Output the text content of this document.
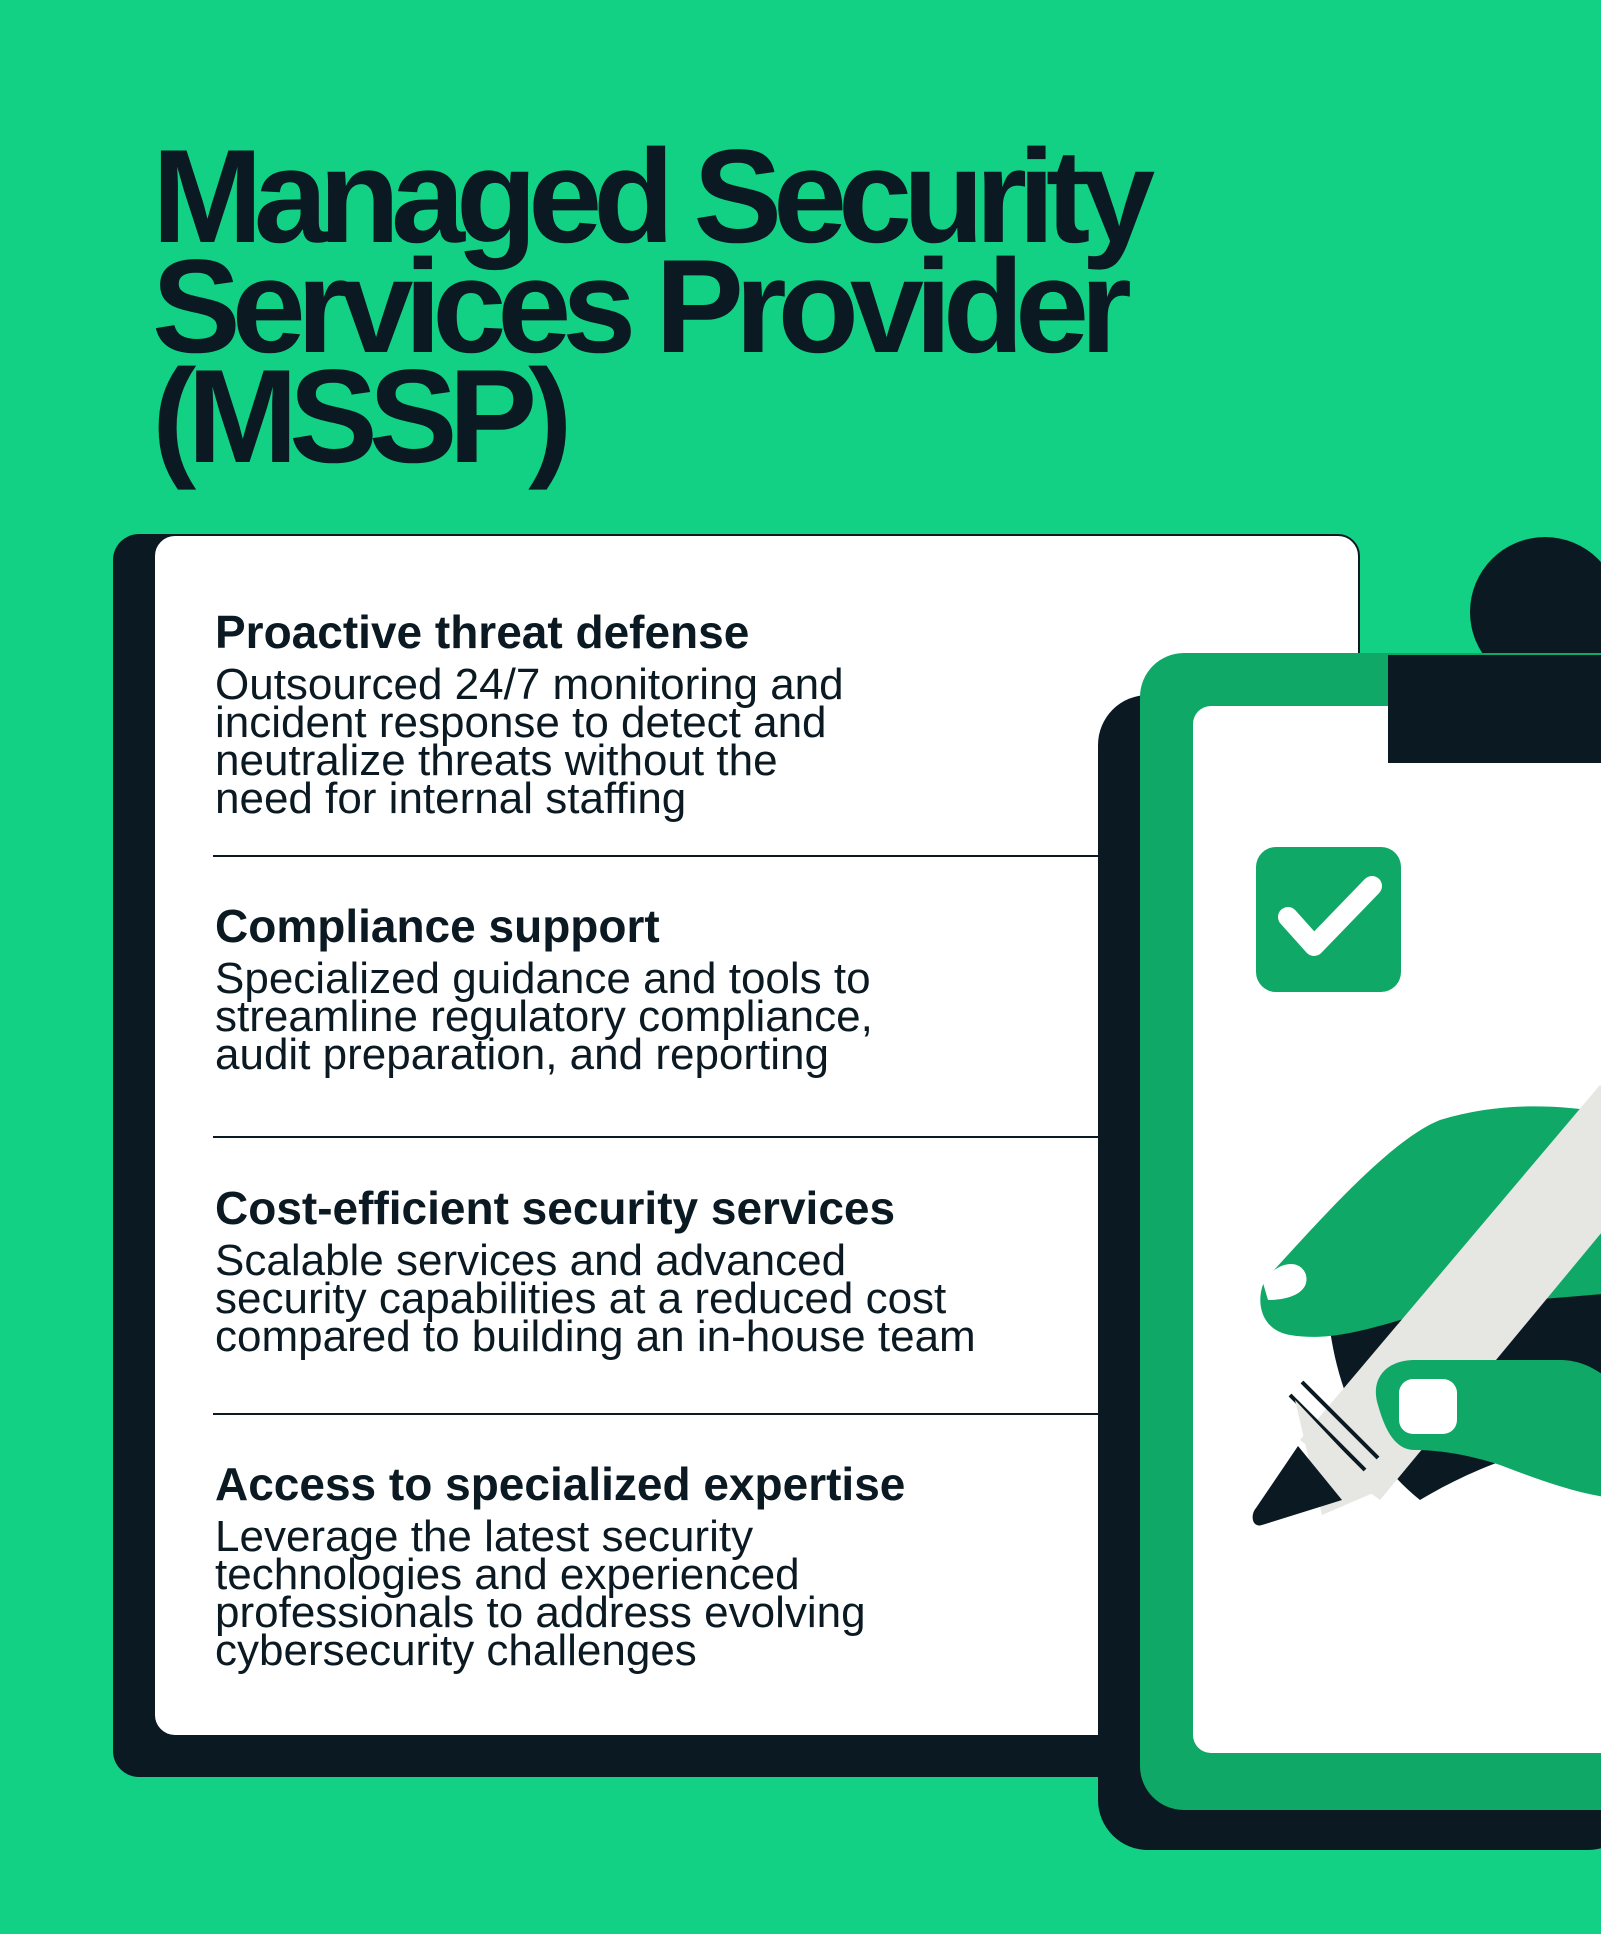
Managed Security
Services Provider
(MSSP)
Proactive threat defense

Outsourced 24/7 monitoring and
incident response to detect and
neutralize threats without the
need for internal staffing

Compliance support

Specialized guidance and tools to
streamline regulatory compliance,
audit preparation, and reporting

Cost-efficient security services

Scalable services and advanced
security capabilities at a reduced cost
compared to building an in-house team

Access to specialized expertise

Leverage the latest security
technologies and experienced
professionals to address evolving
cybersecurity challenges
